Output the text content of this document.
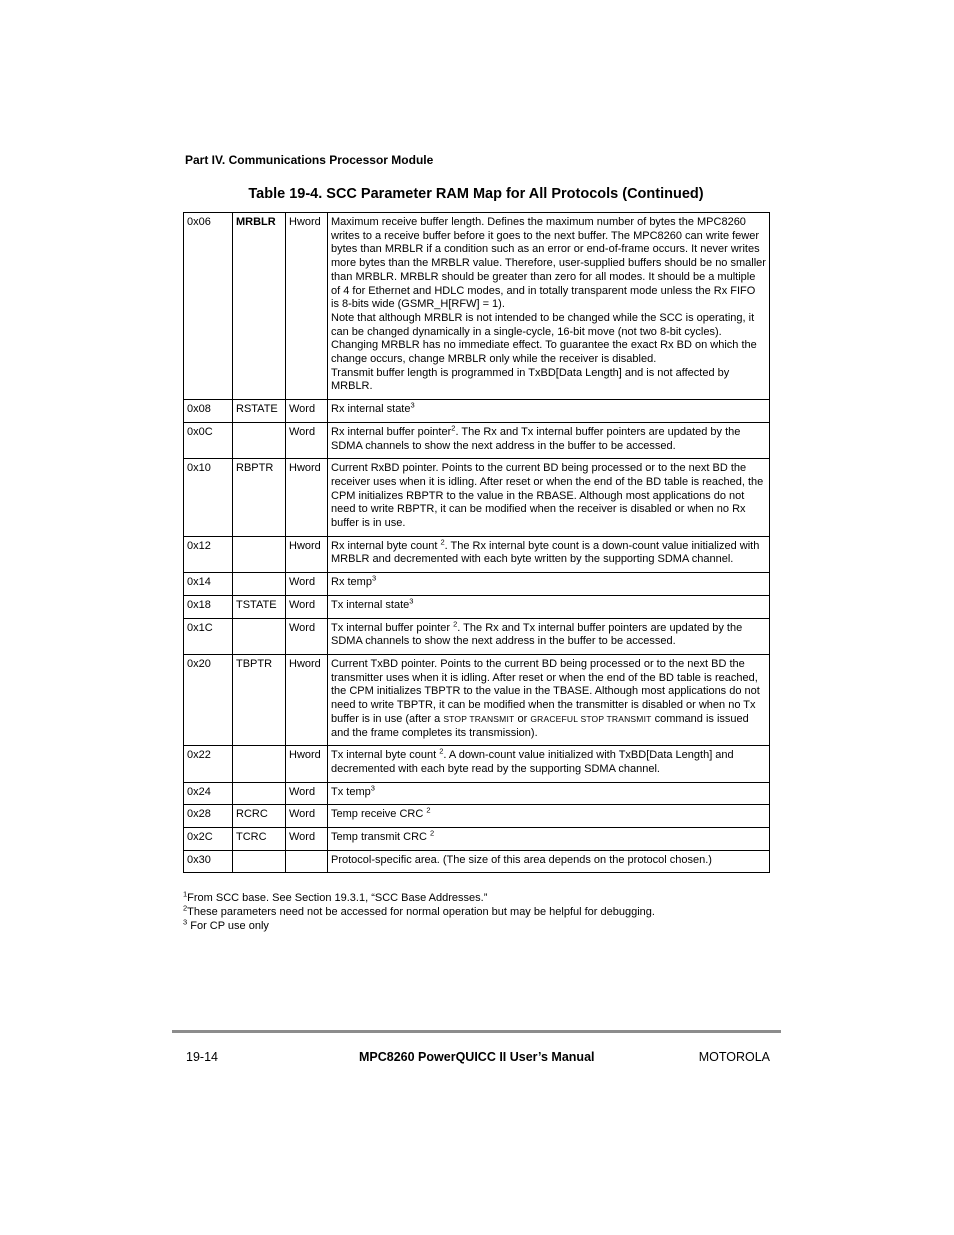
Part IV. Communications Processor Module
Table 19-4. SCC Parameter RAM Map for All Protocols (Continued)
0x06	MRBLR	Hword	Maximum receive buffer length. Defines the maximum number of bytes the MPC8260 writes to a receive buffer before it goes to the next buffer. The MPC8260 can write fewer bytes than MRBLR if a condition such as an error or end-of-frame occurs. It never writes more bytes than the MRBLR value. Therefore, user-supplied buffers should be no smaller than MRBLR. MRBLR should be greater than zero for all modes. It should be a multiple of 4 for Ethernet and HDLC modes, and in totally transparent mode unless the Rx FIFO is 8-bits wide (GSMR_H[RFW] = 1).
Note that although MRBLR is not intended to be changed while the SCC is operating, it can be changed dynamically in a single-cycle, 16-bit move (not two 8-bit cycles). Changing MRBLR has no immediate effect. To guarantee the exact Rx BD on which the change occurs, change MRBLR only while the receiver is disabled.
Transmit buffer length is programmed in TxBD[Data Length] and is not affected by MRBLR.

0x08	RSTATE	Word	Rx internal state$^3$

0x0C		Word	Rx internal buffer pointer$^2$. The Rx and Tx internal buffer pointers are updated by the SDMA channels to show the next address in the buffer to be accessed.

0x10	RBPTR	Hword	Current RxBD pointer. Points to the current BD being processed or to the next BD the receiver uses when it is idling. After reset or when the end of the BD table is reached, the CPM initializes RBPTR to the value in the RBASE. Although most applications do not need to write RBPTR, it can be modified when the receiver is disabled or when no Rx buffer is in use.

0x12		Hword	Rx internal byte count $^2$. The Rx internal byte count is a down-count value initialized with MRBLR and decremented with each byte written by the supporting SDMA channel.

0x14		Word	Rx temp$^3$

0x18	TSTATE	Word	Tx internal state$^3$

0x1C		Word	Tx internal buffer pointer $^2$. The Rx and Tx internal buffer pointers are updated by the SDMA channels to show the next address in the buffer to be accessed.

0x20	TBPTR	Hword	Current TxBD pointer. Points to the current BD being processed or to the next BD the transmitter uses when it is idling. After reset or when the end of the BD table is reached, the CPM initializes TBPTR to the value in the TBASE. Although most applications do not need to write TBPTR, it can be modified when the transmitter is disabled or when no Tx buffer is in use (after a STOP TRANSMIT or GRACEFUL STOP TRANSMIT command is issued and the frame completes its transmission).

0x22		Hword	Tx internal byte count $^2$. A down-count value initialized with TxBD[Data Length] and decremented with each byte read by the supporting SDMA channel.

0x24		Word	Tx temp$^3$

0x28	RCRC	Word	Temp receive CRC $^2$

0x2C	TCRC	Word	Temp transmit CRC $^2$

0x30			Protocol-specific area. (The size of this area depends on the protocol chosen.)
$^1$From SCC base. See Section 19.3.1, “SCC Base Addresses.”
$^2$These parameters need not be accessed for normal operation but may be helpful for debugging.
$^3$ For CP use only
19-14	MPC8260 PowerQUICC II User’s Manual	MOTOROLA
